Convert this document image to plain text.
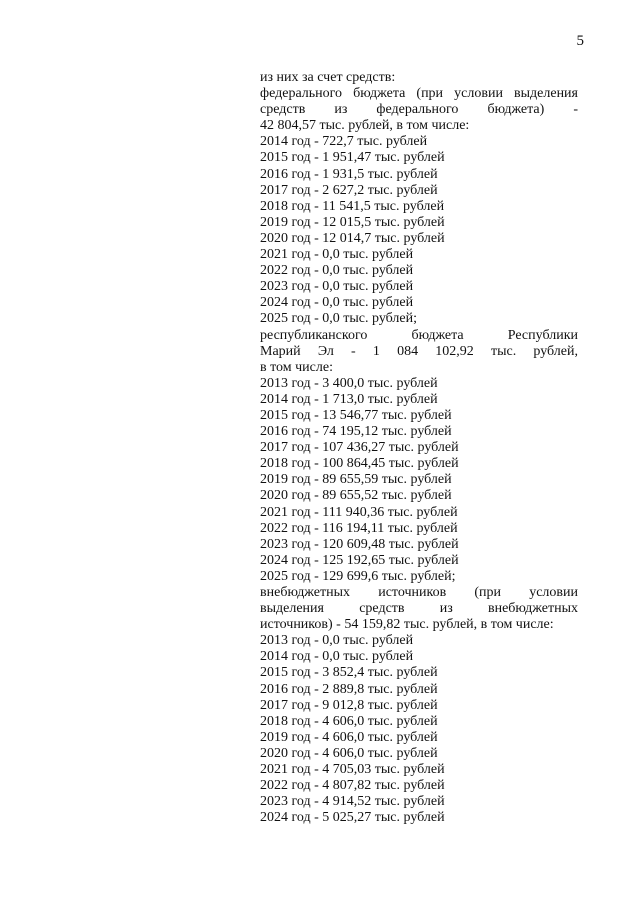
5
из них за счет средств:
федерального бюджета (при условии выделения
средств из федерального бюджета) -
42 804,57 тыс. рублей, в том числе:
2014 год - 722,7 тыс. рублей
2015 год - 1 951,47 тыс. рублей
2016 год - 1 931,5 тыс. рублей
2017 год - 2 627,2 тыс. рублей
2018 год - 11 541,5 тыс. рублей
2019 год - 12 015,5 тыс. рублей
2020 год - 12 014,7 тыс. рублей
2021 год - 0,0 тыс. рублей
2022 год - 0,0 тыс. рублей
2023 год - 0,0 тыс. рублей
2024 год - 0,0 тыс. рублей
2025 год - 0,0 тыс. рублей;
республиканского бюджета Республики
Марий Эл - 1 084 102,92 тыс. рублей,
в том числе:
2013 год - 3 400,0 тыс. рублей
2014 год - 1 713,0 тыс. рублей
2015 год - 13 546,77 тыс. рублей
2016 год - 74 195,12 тыс. рублей
2017 год - 107 436,27 тыс. рублей
2018 год - 100 864,45 тыс. рублей
2019 год - 89 655,59 тыс. рублей
2020 год - 89 655,52 тыс. рублей
2021 год - 111 940,36 тыс. рублей
2022 год - 116 194,11 тыс. рублей
2023 год - 120 609,48 тыс. рублей
2024 год - 125 192,65 тыс. рублей
2025 год - 129 699,6 тыс. рублей;
внебюджетных источников (при условии
выделения средств из внебюджетных
источников) - 54 159,82 тыс. рублей, в том числе:
2013 год - 0,0 тыс. рублей
2014 год - 0,0 тыс. рублей
2015 год - 3 852,4 тыс. рублей
2016 год - 2 889,8 тыс. рублей
2017 год - 9 012,8 тыс. рублей
2018 год - 4 606,0 тыс. рублей
2019 год - 4 606,0 тыс. рублей
2020 год - 4 606,0 тыс. рублей
2021 год - 4 705,03 тыс. рублей
2022 год - 4 807,82 тыс. рублей
2023 год - 4 914,52 тыс. рублей
2024 год - 5 025,27 тыс. рублей
